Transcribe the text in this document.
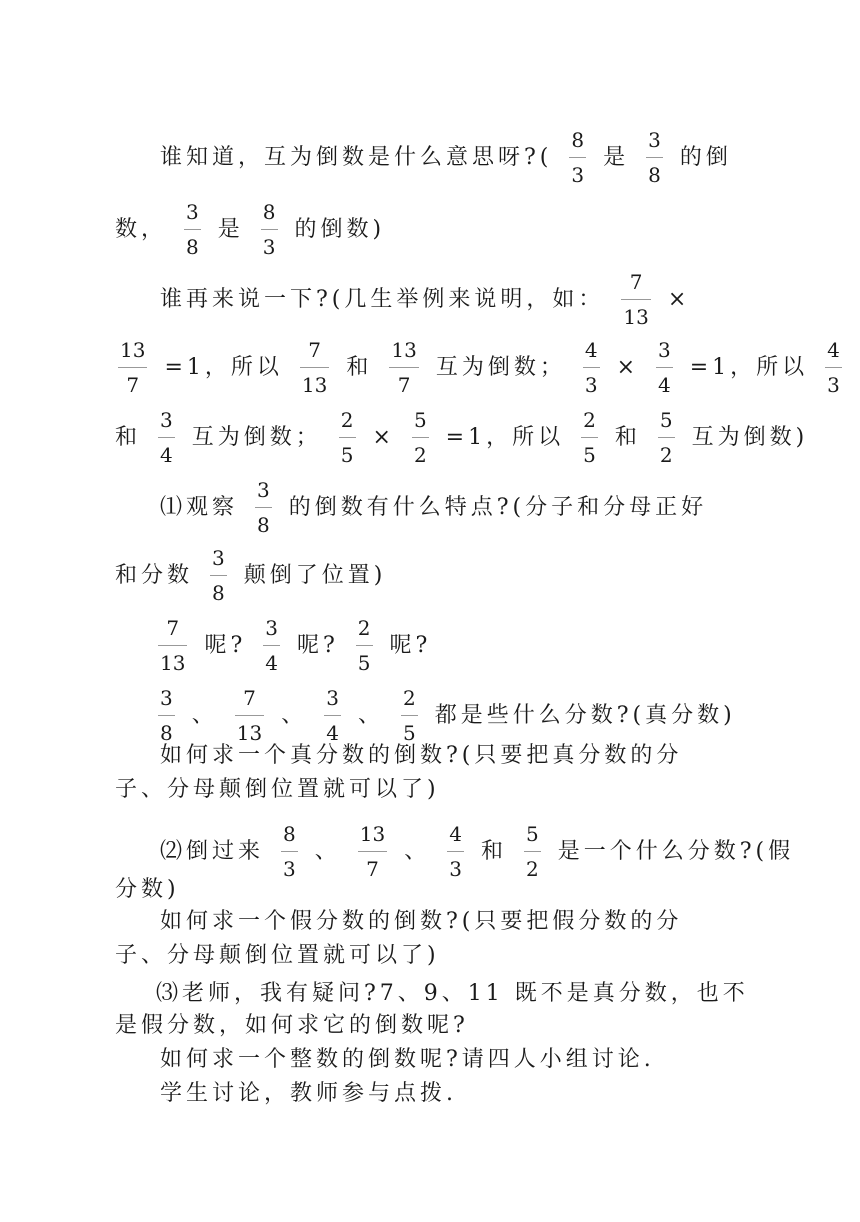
谁知道，互为倒数是什么意思呀?( $\frac{8}{3}$ 是 $\frac{3}{8}$ 的倒
数， $\frac{3}{8}$ 是 $\frac{8}{3}$ 的倒数)
谁再来说一下?(几生举例来说明，如： $\frac{7}{13}$ ×
$\frac{13}{7} =1$，所以 $\frac{7}{13}$ 和 $\frac{13}{7}$ 互为倒数； $\frac{4}{3} \times \frac{3}{4} =1$，所以 $\frac{4}{3}$
和 $\frac{3}{4}$ 互为倒数； $\frac{2}{5} \times \frac{5}{2} =1$，所以 $\frac{2}{5}$ 和 $\frac{5}{2}$ 互为倒数)
⑴观察 $\frac{3}{8}$ 的倒数有什么特点?(分子和分母正好
和分数 $\frac{3}{8}$ 颠倒了位置)
$\frac{7}{13}$ 呢? $\frac{3}{4}$ 呢? $\frac{2}{5}$ 呢?
$\frac{3}{8}$ 、 $\frac{7}{13}$ 、 $\frac{3}{4}$ 、 $\frac{2}{5}$ 都是些什么分数?(真分数)
如何求一个真分数的倒数?(只要把真分数的分
子、分母颠倒位置就可以了)
⑵倒过来 $\frac{8}{3}$ 、 $\frac{13}{7}$ 、 $\frac{4}{3}$ 和 $\frac{5}{2}$ 是一个什么分数?(假
分数)
如何求一个假分数的倒数?(只要把假分数的分
子、分母颠倒位置就可以了)
⑶老师，我有疑问?7、9、11 既不是真分数，也不
是假分数，如何求它的倒数呢?
如何求一个整数的倒数呢?请四人小组讨论.
学生讨论，教师参与点拨.
